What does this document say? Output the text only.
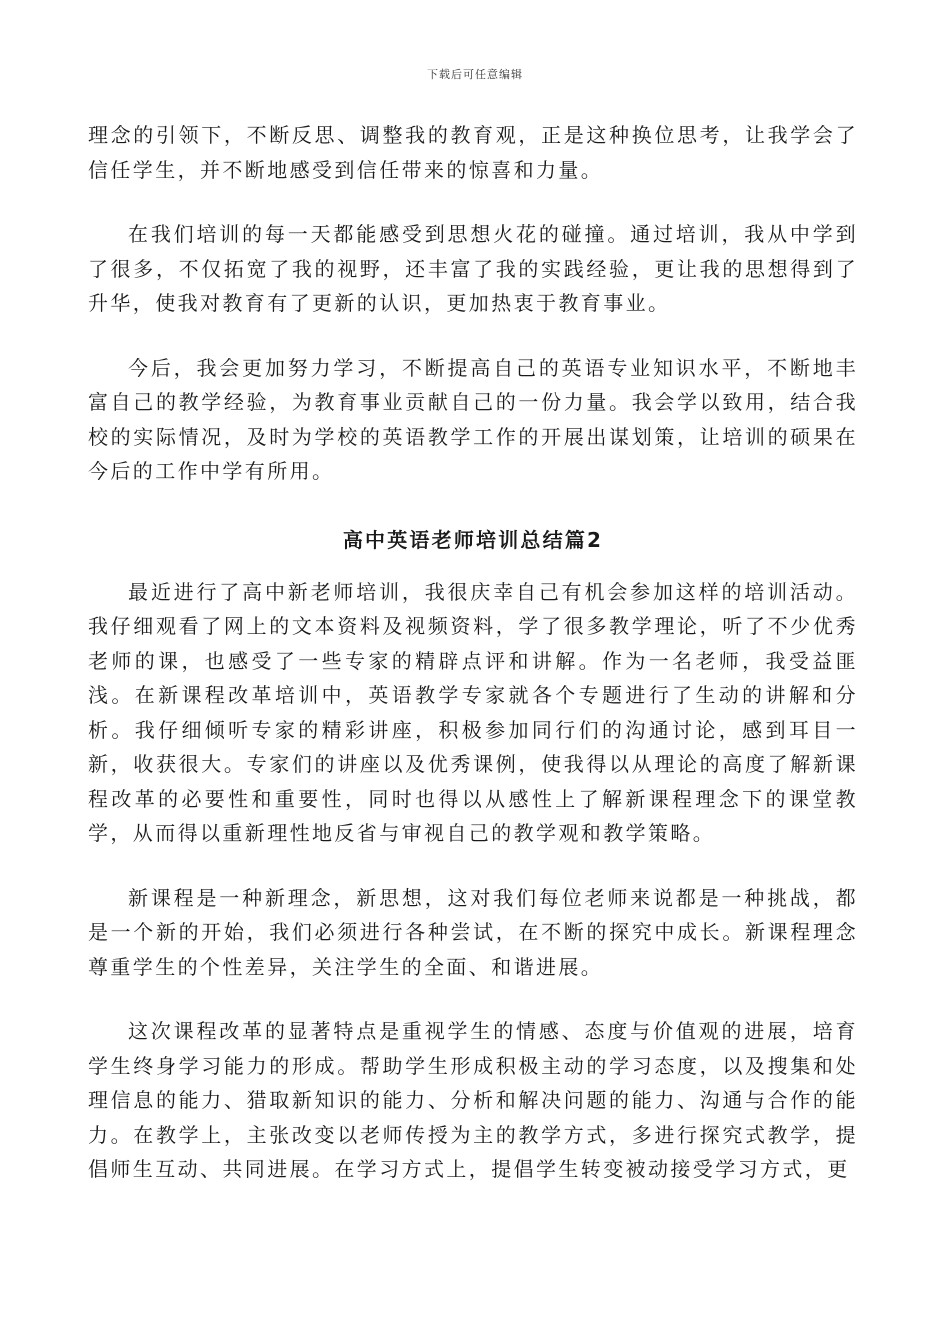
下载后可任意编辑

理念的引领下，不断反思、调整我的教育观，正是这种换位思考，让我学会了信任学生，并不断地感受到信任带来的惊喜和力量。

在我们培训的每一天都能感受到思想火花的碰撞。通过培训，我从中学到了很多，不仅拓宽了我的视野，还丰富了我的实践经验，更让我的思想得到了升华，使我对教育有了更新的认识，更加热衷于教育事业。

今后，我会更加努力学习，不断提高自己的英语专业知识水平，不断地丰富自己的教学经验，为教育事业贡献自己的一份力量。我会学以致用，结合我校的实际情况，及时为学校的英语教学工作的开展出谋划策，让培训的硕果在今后的工作中学有所用。

高中英语老师培训总结篇2

最近进行了高中新老师培训，我很庆幸自己有机会参加这样的培训活动。我仔细观看了网上的文本资料及视频资料，学了很多教学理论，听了不少优秀老师的课，也感受了一些专家的精辟点评和讲解。作为一名老师，我受益匪浅。在新课程改革培训中，英语教学专家就各个专题进行了生动的讲解和分析。我仔细倾听专家的精彩讲座，积极参加同行们的沟通讨论，感到耳目一新，收获很大。专家们的讲座以及优秀课例，使我得以从理论的高度了解新课程改革的必要性和重要性，同时也得以从感性上了解新课程理念下的课堂教学，从而得以重新理性地反省与审视自己的教学观和教学策略。

新课程是一种新理念，新思想，这对我们每位老师来说都是一种挑战，都是一个新的开始，我们必须进行各种尝试，在不断的探究中成长。新课程理念尊重学生的个性差异，关注学生的全面、和谐进展。

这次课程改革的显著特点是重视学生的情感、态度与价值观的进展，培育学生终身学习能力的形成。帮助学生形成积极主动的学习态度，以及搜集和处理信息的能力、猎取新知识的能力、分析和解决问题的能力、沟通与合作的能力。在教学上，主张改变以老师传授为主的教学方式，多进行探究式教学，提倡师生互动、共同进展。在学习方式上，提倡学生转变被动接受学习方式，更
